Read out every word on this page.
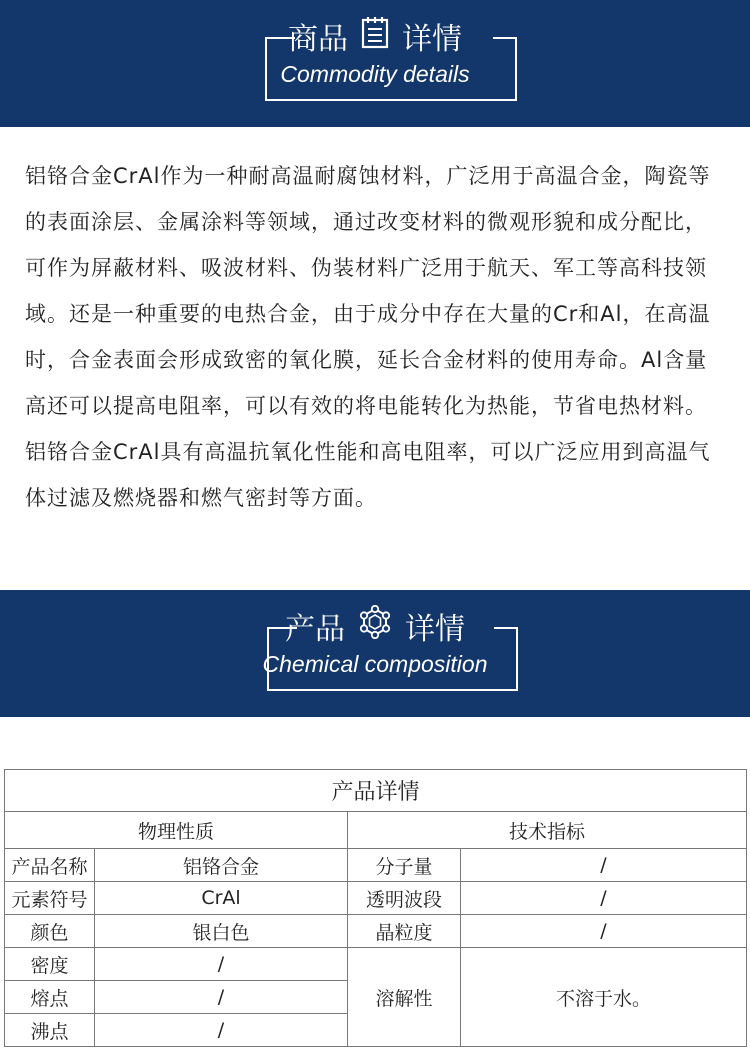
商品 详情
Commodity details

铝铬合金CrAl作为一种耐高温耐腐蚀材料，广泛用于高温合金，陶瓷等的表面涂层、金属涂料等领域，通过改变材料的微观形貌和成分配比，可作为屏蔽材料、吸波材料、伪装材料广泛用于航天、军工等高科技领域。还是一种重要的电热合金，由于成分中存在大量的Cr和Al，在高温时，合金表面会形成致密的氧化膜，延长合金材料的使用寿命。Al含量高还可以提高电阻率，可以有效的将电能转化为热能，节省电热材料。

铝铬合金CrAl具有高温抗氧化性能和高电阻率，可以广泛应用到高温气体过滤及燃烧器和燃气密封等方面。

产品 详情
Chemical composition
产品详情			
物理性质		技术指标	
产品名称	铝铬合金	分子量	/
元素符号	CrAl	透明波段	/
颜色	银白色	晶粒度	/
密度	/	溶解性	不溶于水。
熔点	/		
沸点	/		
